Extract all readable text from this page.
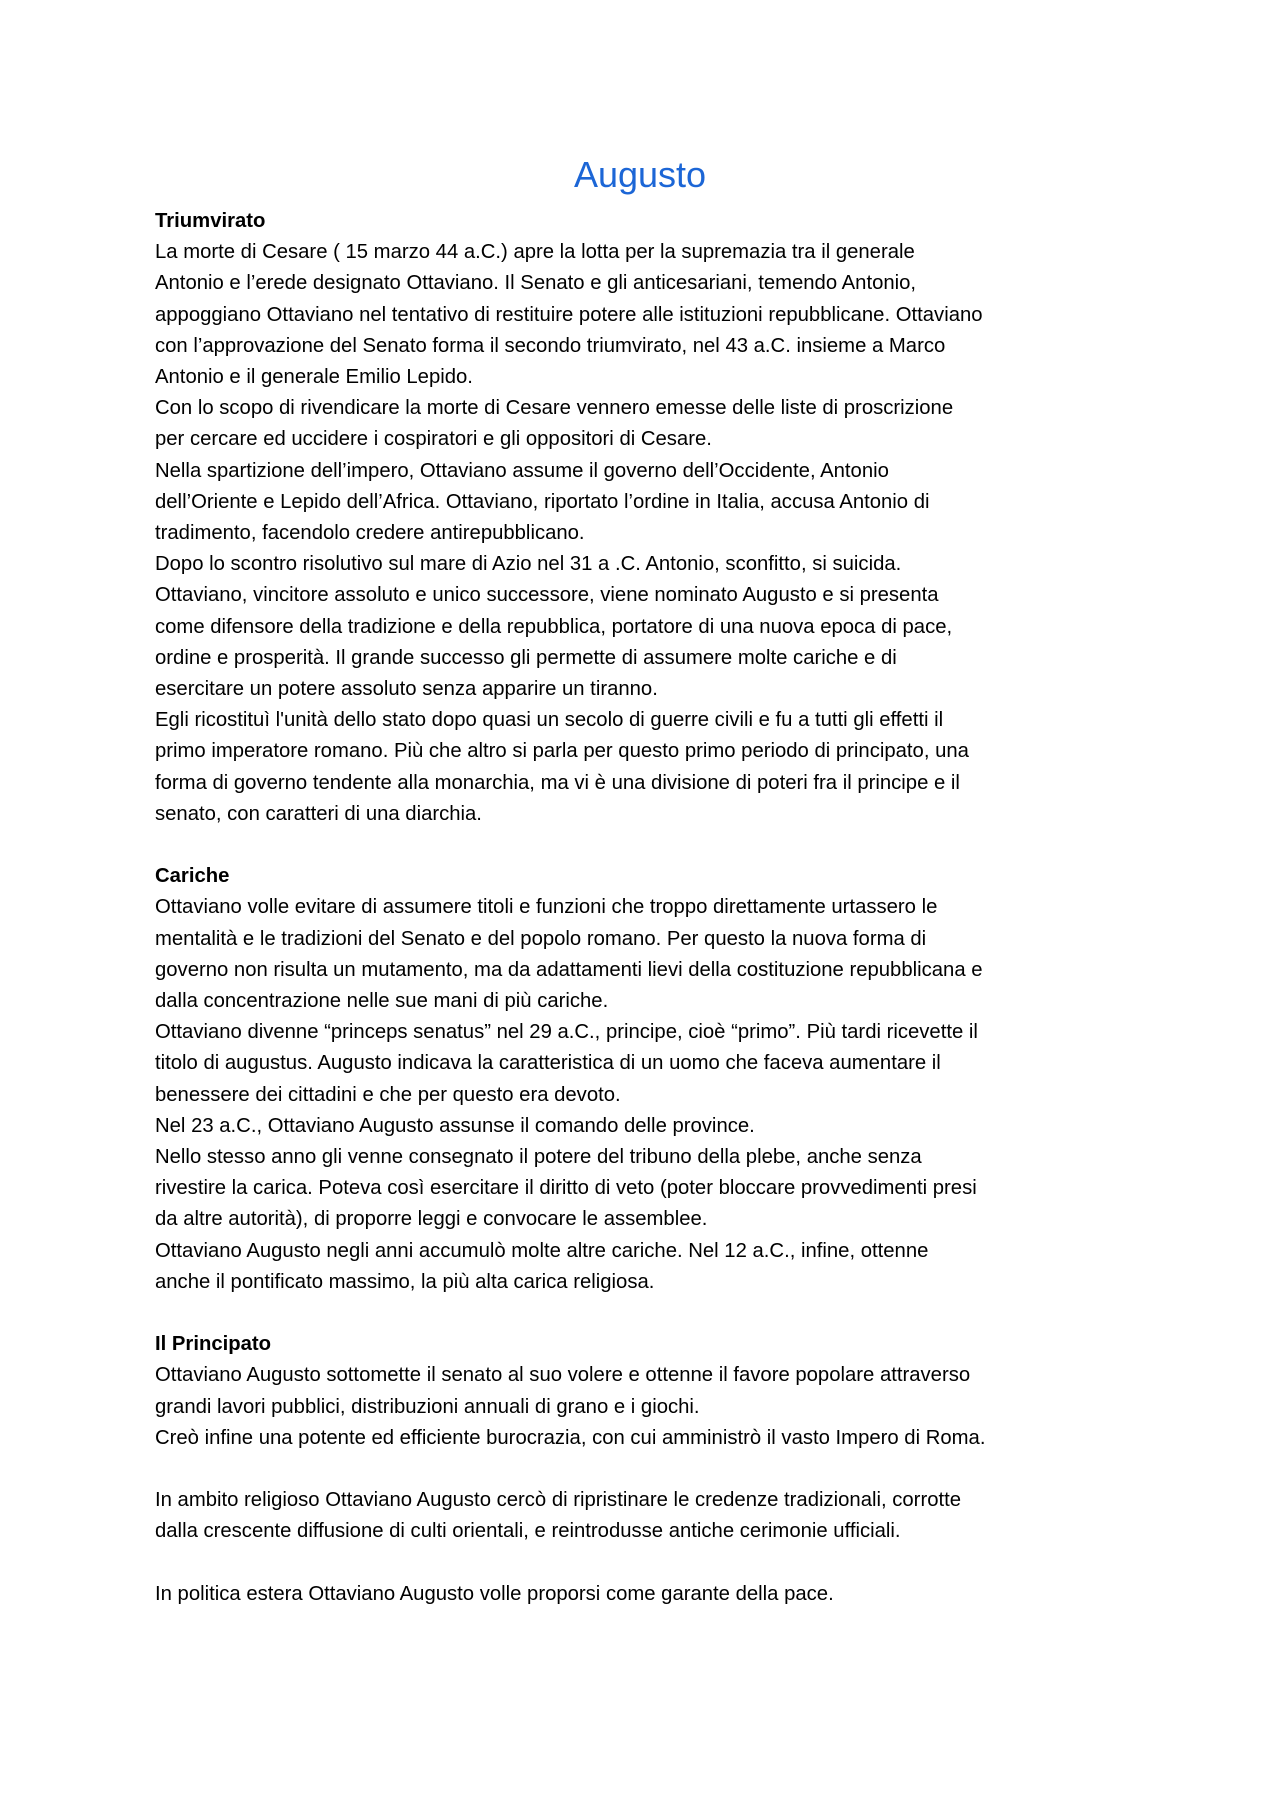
Augusto
Triumvirato

La morte di Cesare ( 15 marzo 44 a.C.) apre la lotta per la supremazia tra il generale
Antonio e l’erede designato Ottaviano. Il Senato e gli anticesariani, temendo Antonio,
appoggiano Ottaviano nel tentativo di restituire potere alle istituzioni repubblicane. Ottaviano
con l’approvazione del Senato forma il secondo triumvirato, nel 43 a.C. insieme a Marco
Antonio e il generale Emilio Lepido.
Con lo scopo di rivendicare la morte di Cesare vennero emesse delle liste di proscrizione
per cercare ed uccidere i cospiratori e gli oppositori di Cesare.
Nella spartizione dell’impero, Ottaviano assume il governo dell’Occidente, Antonio
dell’Oriente e Lepido dell’Africa. Ottaviano, riportato l’ordine in Italia, accusa Antonio di
tradimento, facendolo credere antirepubblicano.
Dopo lo scontro risolutivo sul mare di Azio nel 31 a .C. Antonio, sconfitto, si suicida.
Ottaviano, vincitore assoluto e unico successore, viene nominato Augusto e si presenta
come difensore della tradizione e della repubblica, portatore di una nuova epoca di pace,
ordine e prosperità. Il grande successo gli permette di assumere molte cariche e di
esercitare un potere assoluto senza apparire un tiranno.
Egli ricostituì l'unità dello stato dopo quasi un secolo di guerre civili e fu a tutti gli effetti il
primo imperatore romano. Più che altro si parla per questo primo periodo di principato, una
forma di governo tendente alla monarchia, ma vi è una divisione di poteri fra il principe e il
senato, con caratteri di una diarchia.

Cariche

Ottaviano volle evitare di assumere titoli e funzioni che troppo direttamente urtassero le
mentalità e le tradizioni del Senato e del popolo romano. Per questo la nuova forma di
governo non risulta un mutamento, ma da adattamenti lievi della costituzione repubblicana e
dalla concentrazione nelle sue mani di più cariche.
Ottaviano divenne “princeps senatus” nel 29 a.C., principe, cioè “primo”. Più tardi ricevette il
titolo di augustus. Augusto indicava la caratteristica di un uomo che faceva aumentare il
benessere dei cittadini e che per questo era devoto.
Nel 23 a.C., Ottaviano Augusto assunse il comando delle province.
Nello stesso anno gli venne consegnato il potere del tribuno della plebe, anche senza
rivestire la carica. Poteva così esercitare il diritto di veto (poter bloccare provvedimenti presi
da altre autorità), di proporre leggi e convocare le assemblee.
Ottaviano Augusto negli anni accumulò molte altre cariche. Nel 12 a.C., infine, ottenne
anche il pontificato massimo, la più alta carica religiosa.

Il Principato

Ottaviano Augusto sottomette il senato al suo volere e ottenne il favore popolare attraverso
grandi lavori pubblici, distribuzioni annuali di grano e i giochi.
Creò infine una potente ed efficiente burocrazia, con cui amministrò il vasto Impero di Roma.

In ambito religioso Ottaviano Augusto cercò di ripristinare le credenze tradizionali, corrotte
dalla crescente diffusione di culti orientali, e reintrodusse antiche cerimonie ufficiali.

In politica estera Ottaviano Augusto volle proporsi come garante della pace.
